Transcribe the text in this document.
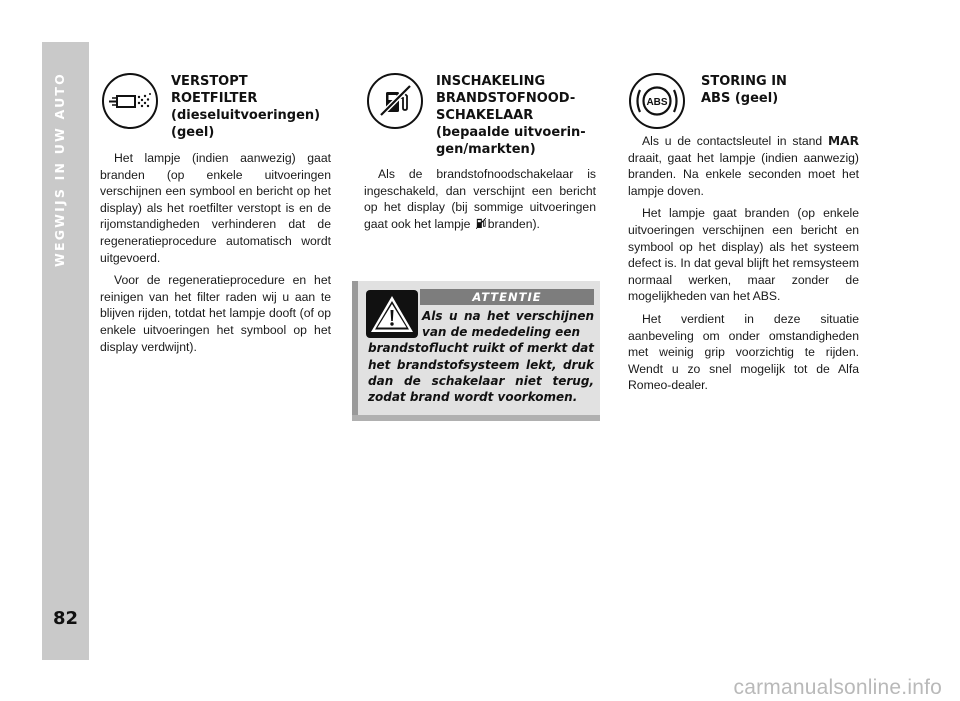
WEGWIJS IN UW AUTO
82
VERSTOPT
ROETFILTER
(dieseluitvoeringen)
(geel)

Het lampje (indien aanwezig) gaat branden (op enkele uitvoeringen verschijnen een symbool en bericht op het display) als het roetfilter verstopt is en de rijomstandigheden verhinderen dat de regeneratieprocedure automatisch wordt uitgevoerd.

Voor de regeneratieprocedure en het reinigen van het filter raden wij u aan te blijven rijden, totdat het lampje dooft (of op enkele uitvoeringen het symbool op het display verdwijnt).

INSCHAKELING
BRANDSTOFNOOD-
SCHAKELAAR
(bepaalde uitvoerin-
gen/markten)

Als de brandstofnoodschakelaar is ingeschakeld, dan verschijnt een bericht op het display (bij sommige uitvoeringen gaat ook het lampje branden).

ATTENTIE
Als u na het verschijnen van de mededeling een
brandstoflucht ruikt of merkt dat het brandstofsysteem lekt, druk dan de schakelaar niet terug, zodat brand wordt voorkomen.
ABS
STORING IN
ABS (geel)

Als u de contactsleutel in stand MAR draait, gaat het lampje (indien aanwezig) branden. Na enkele seconden moet het lampje doven.

Het lampje gaat branden (op enkele uitvoeringen verschijnen een bericht en symbool op het display) als het systeem defect is. In dat geval blijft het remsysteem normaal werken, maar zonder de mogelijkheden van het ABS.

Het verdient in deze situatie aanbeveling om onder omstandigheden met weinig grip voorzichtig te rijden. Wendt u zo snel mogelijk tot de Alfa Romeo-dealer.

carmanualsonline.info
